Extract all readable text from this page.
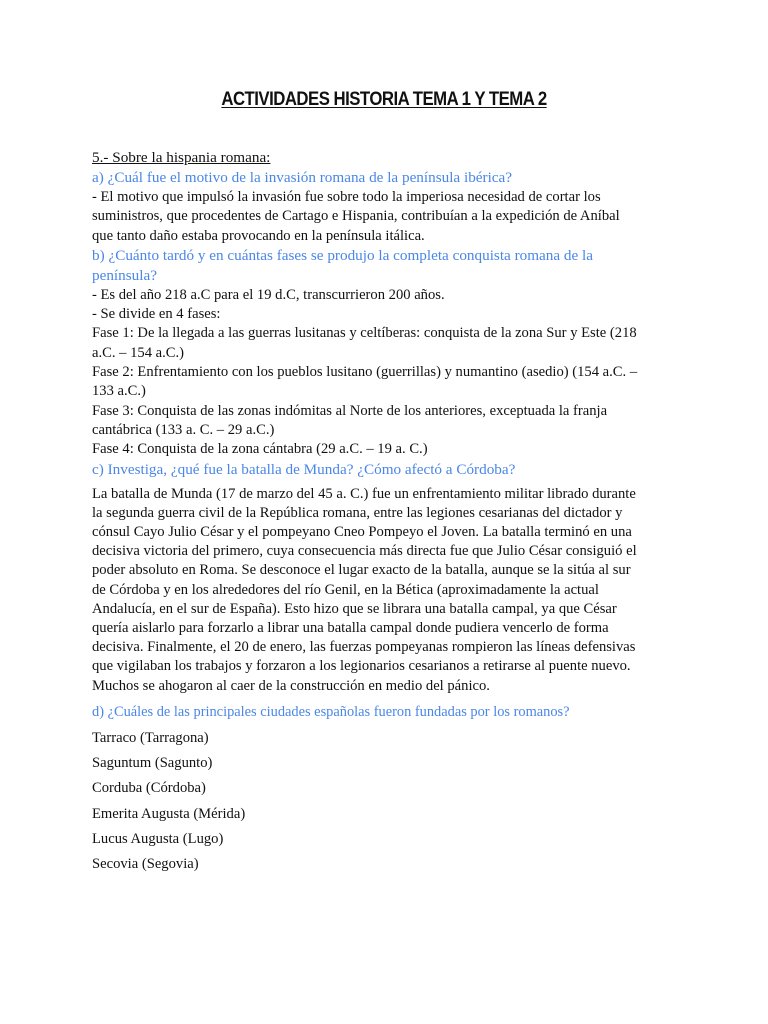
ACTIVIDADES HISTORIA TEMA 1 Y TEMA 2
5.- Sobre la hispania romana:
a) ¿Cuál fue el motivo de la invasión romana de la península ibérica?
- El motivo que impulsó la invasión fue sobre todo la imperiosa necesidad de cortar los
suministros, que procedentes de Cartago e Hispania, contribuían a la expedición de Aníbal
que tanto daño estaba provocando en la península itálica.
b) ¿Cuánto tardó y en cuántas fases se produjo la completa conquista romana de la
península?
- Es del año 218 a.C para el 19 d.C, transcurrieron 200 años.
- Se divide en 4 fases:
Fase 1: De la llegada a las guerras lusitanas y celtíberas: conquista de la zona Sur y Este (218
a.C. – 154 a.C.)
Fase 2: Enfrentamiento con los pueblos lusitano (guerrillas) y numantino (asedio) (154 a.C. –
133 a.C.)
Fase 3: Conquista de las zonas indómitas al Norte de los anteriores, exceptuada la franja
cantábrica (133 a. C. – 29 a.C.)
Fase 4: Conquista de la zona cántabra (29 a.C. – 19 a. C.)
c) Investiga, ¿qué fue la batalla de Munda? ¿Cómo afectó a Córdoba?
La batalla de Munda (17 de marzo del 45 a. C.) fue un enfrentamiento militar librado durante
la segunda guerra civil de la República romana, entre las legiones cesarianas del dictador y
cónsul Cayo Julio César y el pompeyano Cneo Pompeyo el Joven. La batalla terminó en una
decisiva victoria del primero, cuya consecuencia más directa fue que Julio César consiguió el
poder absoluto en Roma. Se desconoce el lugar exacto de la batalla, aunque se la sitúa al sur
de Córdoba y en los alrededores del río Genil, en la Bética (aproximadamente la actual
Andalucía, en el sur de España). Esto hizo que se librara una batalla campal, ya que César
quería aislarlo para forzarlo a librar una batalla campal donde pudiera vencerlo de forma
decisiva. Finalmente, el 20 de enero, las fuerzas pompeyanas rompieron las líneas defensivas
que vigilaban los trabajos y forzaron a los legionarios cesarianos a retirarse al puente nuevo.
Muchos se ahogaron al caer de la construcción en medio del pánico.
d) ¿Cuáles de las principales ciudades españolas fueron fundadas por los romanos?
Tarraco (Tarragona)
Saguntum (Sagunto)
Corduba (Córdoba)
Emerita Augusta (Mérida)
Lucus Augusta (Lugo)
Secovia (Segovia)
